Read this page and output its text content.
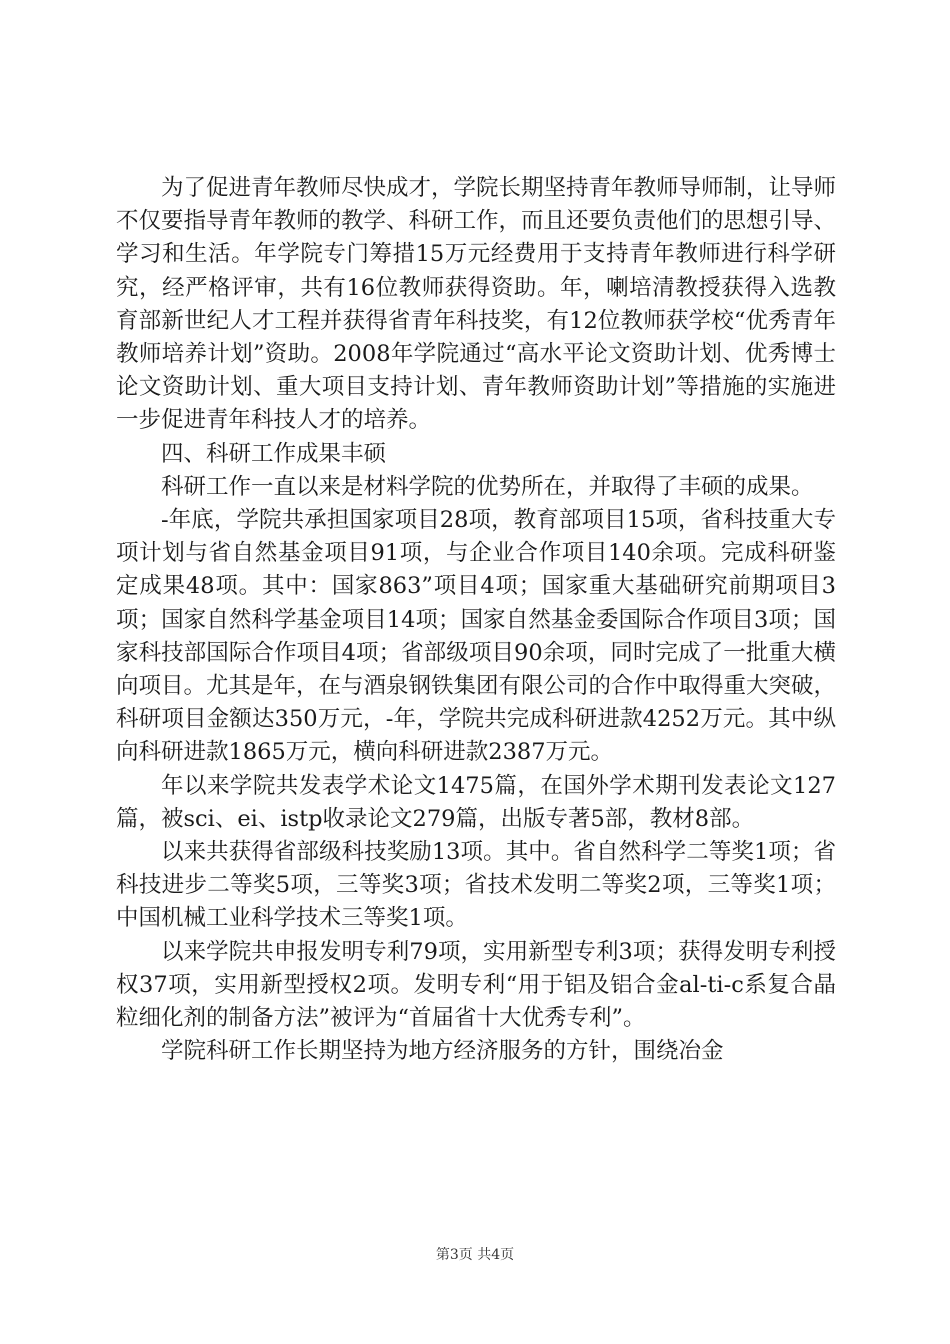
为了促进青年教师尽快成才，学院长期坚持青年教师导师制，让导师不仅要指导青年教师的教学、科研工作，而且还要负责他们的思想引导、学习和生活。年学院专门筹措15万元经费用于支持青年教师进行科学研究，经严格评审，共有16位教师获得资助。年，喇培清教授获得入选教育部新世纪人才工程并获得省青年科技奖，有12位教师获学校“优秀青年教师培养计划”资助。2008年学院通过“高水平论文资助计划、优秀博士论文资助计划、重大项目支持计划、青年教师资助计划”等措施的实施进一步促进青年科技人才的培养。

四、科研工作成果丰硕

科研工作一直以来是材料学院的优势所在，并取得了丰硕的成果。

-年底，学院共承担国家项目28项，教育部项目15项，省科技重大专项计划与省自然基金项目91项，与企业合作项目140余项。完成科研鉴定成果48项。其中：国家863”项目4项；国家重大基础研究前期项目3项；国家自然科学基金项目14项；国家自然基金委国际合作项目3项；国家科技部国际合作项目4项；省部级项目90余项，同时完成了一批重大横向项目。尤其是年，在与酒泉钢铁集团有限公司的合作中取得重大突破，科研项目金额达350万元，-年，学院共完成科研进款4252万元。其中纵向科研进款1865万元，横向科研进款2387万元。

年以来学院共发表学术论文1475篇，在国外学术期刊发表论文127篇，被sci、ei、istp收录论文279篇，出版专著5部，教材8部。

以来共获得省部级科技奖励13项。其中。省自然科学二等奖1项；省科技进步二等奖5项，三等奖3项；省技术发明二等奖2项，三等奖1项；中国机械工业科学技术三等奖1项。

以来学院共申报发明专利79项，实用新型专利3项；获得发明专利授权37项，实用新型授权2项。发明专利“用于铝及铝合金al-ti-c系复合晶粒细化剂的制备方法”被评为“首届省十大优秀专利”。

学院科研工作长期坚持为地方经济服务的方针，围绕冶金

第3页 共4页
